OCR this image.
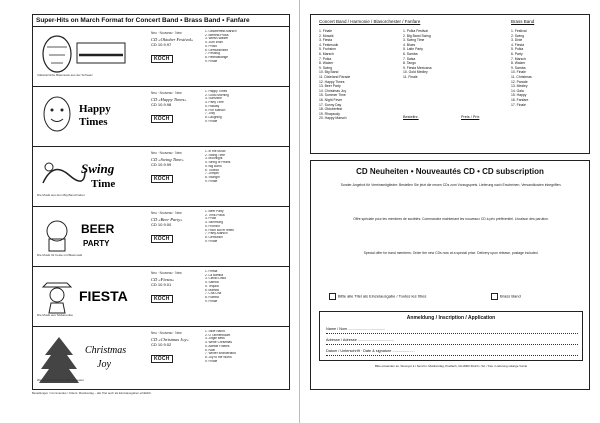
Super-Hits on March Format for Concert Band • Brass Band • Fanfare
Neu · Nouveau · New
CD «Oktober Festival»
CD 10.9.97
KOCH
Volkstümliche Blasmusik aus der Schweiz
1. Oktoberfest-Marsch
2. Bierfest-Polka
3. Wiesn-Walzer
4. Zum Wohl
5. Prosit
6. Gemütlichkeit
7. Festzug
8. Heimatklänge
9. Finale
Happy
Times
Neu · Nouveau · New
CD «Happy Times»
CD 10.9.98
KOCH
1. Happy Times
2. Good Morning
3. Sunshine
4. Party Time
5. Holiday
6. Fun Marsch
7. Jolly
8. Laughing
9. Finale
Swing
Time
Neu · Nouveau · New
CD «Swing Time»
CD 10.9.99
KOCH
Die Musik aus dem Big Band Fieber
1. In the Mood
2. Swing Time
3. Moonlight
4. String of Pearls
5. Big Band
6. Tuxedo
7. Jumpin'
8. Swingin'
9. Finale
BEER
PARTY
Neu · Nouveau · New
CD «Beer Party»
CD 10.9.00
KOCH
Die Musik für Feste mit Blasmusik
1. Beer Party
2. Trink-Polka
3. Prost
4. Stimmung
5. Fröhlich
6. Hoch soll er leben
7. Party-Marsch
8. Gemütlich
9. Finale
FIESTA
Neu · Nouveau · New
CD «Fiesta»
CD 10.9.01
KOCH
Die Musik aus Südamerika
1. Fiesta
2. La Bamba
3. Cielito Lindo
4. Samba
5. Tequila
6. Mambo
7. Cha Cha
8. Rumba
9. Finale
Christmas
Joy
Neu · Nouveau · New
CD «Christmas Joy»
CD 10.9.02
KOCH
Weihnachtsmusik für Blasorchester
1. Stille Nacht
2. O Tannenbaum
3. Jingle Bells
4. White Christmas
5. Adeste Fideles
6. Noël
7. Winter Wonderland
8. Joy to the World
9. Finale
Bestellungen / Commandes / Orders: Musikverlag – alle Titel auch als Einzelausgaben erhältlich.
Concert Band / Harmonie / Blasorchester / Fanfare	Brass Band
1. Finale
2. Mosaik
3. Fiesta
4. Festmusik
5. Frohsinn
6. Marsch
7. Polka
8. Walzer
9. Swing
10. Big Band
11. Dixieland Parade
12. Happy Times
13. Beer Party
14. Christmas Joy
15. Summer Time
16. Night Fever
17. Sunny Day
18. Oktoberfest
19. Rhapsody
20. Happy Marsch
1. Polka Festival
2. Big Band Swing
3. Swing Time
4. Blues
5. Latin Party
6. Samba
7. Salsa
8. Tango
9. Fiesta Mexicana
10. Gold Medley
11. Finale
1. Festival
2. Swing
3. Dixie
4. Fiesta
5. Polka
6. Party
7. Marsch
8. Walzer
9. Samba
10. Finale
11. Christmas
12. Parade
13. Medley
14. Gala
15. Happy
16. Fanfare
17. Finale
Bestellnr.	Preis / Prix
CD Neuheiten • Nouveautés CD • CD subscription
Sonder-Angebot für Vereinsmitglieder: Bestellen Sie jetzt die neuen CDs zum Vorzugspreis. Lieferung nach Erscheinen, Versandkosten inbegriffen.
Offre spéciale pour les membres de sociétés: Commandez maintenant les nouveaux CD à prix préférentiel. Livraison dès parution.
Special offer for band members: Order the new CDs now at a special price. Delivery upon release, postage included.
Bitte alle Titel als Einzelausgabe / Toutes les titres	Brass Band
Anmeldung / Inscription / Application
Name / Nom ...................................
Adresse / Adresse ..................................
Datum / Unterschrift · Date & signature .....................
Bitte einsenden an / Envoyer à / Send to: Musikverlag, Postfach, CH-8000 Zürich • Tel. / Fax • Lieferung solange Vorrat
